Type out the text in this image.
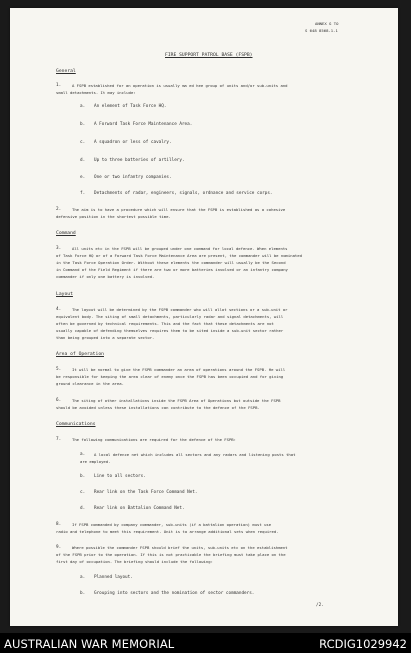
ANNEX G TO
S 648 8568-1-1
FIRE SUPPORT PATROL BASE (FSPB)
General
1.	A FSPB established for an operation is usually ma ed hee group of units and/or sub-units and
small detachments. It may include:
a. An element of Task Force HQ.
b. A Forward Task Force Maintenance Area.
c. A squadron or less of cavalry.
d. Up to three batteries of artillery.
e. One or two infantry companies.
f. Detachments of radar, engineers, signals, ordnance and service corps.
2.	The aim is to have a procedure which will ensure that the FSPB is established as a cohesive
defensive position in the shortest possible time.
Command
3.	All units etc in the FSPB will be grouped under one command for local defence. When elements
of Task Force HQ or of a Forward Task Force Maintenance Area are present, the commander will be nominated
in the Task Force Operation Order. Without these elements the commander will usually be the Second
in Command of the Field Regiment if there are two or more batteries involved or an infantry company
commander if only one battery is involved.
Layout
4.	The layout will be determined by the FSPB commander who will allot sections or a sub-unit or
equivalent body. The siting of small detachments, particularly radar and signal detachments, will
often be governed by technical requirements. This and the fact that these detachments are not
usually capable of defending themselves requires them to be sited inside a sub-unit sector rather
than being grouped into a separate sector.
Area of Operation
5.	It will be normal to give the FSPB commander an area of operations around the FSPB. He will
be responsible for keeping the area clear of enemy once the FSPB has been occupied and for giving
ground clearance in the area.
6.	The siting of other installations inside the FSPB Area of Operations but outside the FSPB
should be avoided unless these installations can contribute to the defence of the FSPB.
Communications
7.	The following communications are required for the defence of the FSPB:
a. A local defence net which includes all sectors and any radars and listening posts that
are employed.
b. Line to all sectors.
c. Rear link on the Task Force Command Net.
d. Rear link on Battalion Command Net.
8.	If FSPB commanded by company commander, sub-units (if a battalion operation) must use
radio and telephone to meet this requirement. Unit is to arrange additional sets when required.
9.	Where possible the commander FSPB should brief the units, sub-units etc on the establishment
of the FSPB prior to the operation. If this is not practicable the briefing must take place on the
first day of occupation. The briefing should include the following:
a. Planned layout.
b. Grouping into sectors and the nomination of sector commanders.
/2.
AUSTRALIAN WAR MEMORIAL	RCDIG1029942
